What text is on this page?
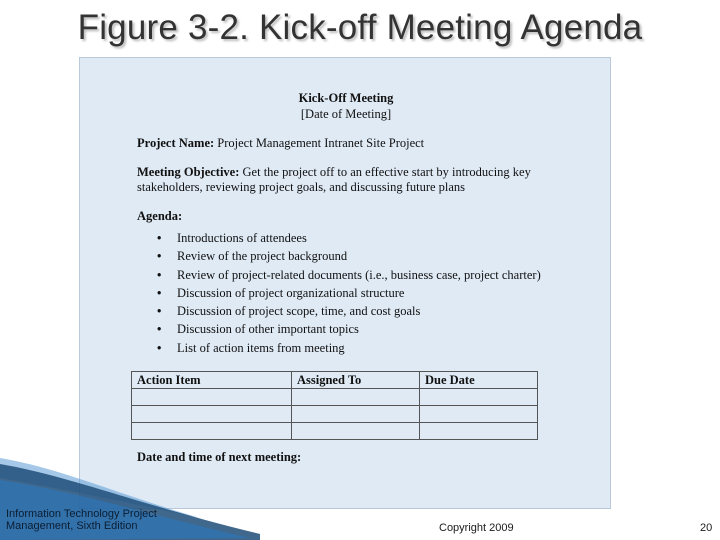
Figure 3-2. Kick-off Meeting Agenda
Kick-Off Meeting
[Date of Meeting]
Project Name: Project Management Intranet Site Project
Meeting Objective: Get the project off to an effective start by introducing key stakeholders, reviewing project goals, and discussing future plans
Agenda:
• Introductions of attendees
• Review of the project background
• Review of project-related documents (i.e., business case, project charter)
• Discussion of project organizational structure
• Discussion of project scope, time, and cost goals
• Discussion of other important topics
• List of action items from meeting
Action Item	Assigned To	Due Date

Date and time of next meeting:
Information Technology Project
Management, Sixth Edition	Copyright 2009	20
